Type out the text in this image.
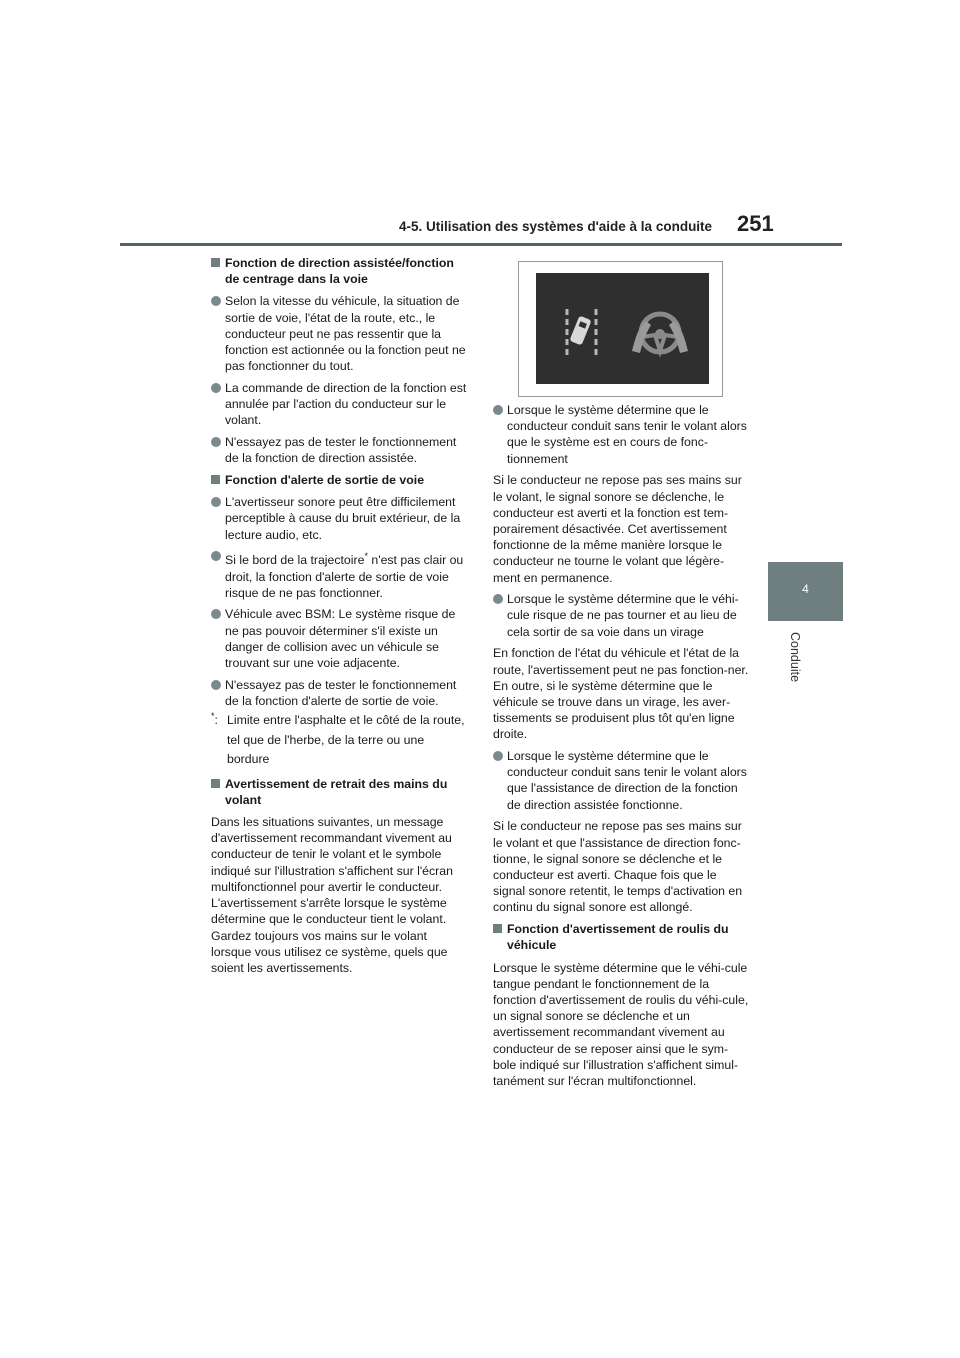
4-5. Utilisation des systèmes d'aide à la conduite 251
4
Conduite
Fonction de direction assistée/fonction de centrage dans la voie
Selon la vitesse du véhicule, la situation de sortie de voie, l'état de la route, etc., le conducteur peut ne pas ressentir que la fonction est actionnée ou la fonction peut ne pas fonctionner du tout.
La commande de direction de la fonction est annulée par l'action du conducteur sur le volant.
N'essayez pas de tester le fonctionnement de la fonction de direction assistée.
Fonction d'alerte de sortie de voie
L'avertisseur sonore peut être difficilement perceptible à cause du bruit extérieur, de la lecture audio, etc.
Si le bord de la trajectoire* n'est pas clair ou droit, la fonction d'alerte de sortie de voie risque de ne pas fonctionner.
Véhicule avec BSM: Le système risque de ne pas pouvoir déterminer s'il existe un danger de collision avec un véhicule se trouvant sur une voie adjacente.
N'essayez pas de tester le fonctionnement de la fonction d'alerte de sortie de voie.
*: Limite entre l'asphalte et le côté de la route, tel que de l'herbe, de la terre ou une bordure
Avertissement de retrait des mains du volant
Dans les situations suivantes, un message d'avertissement recommandant vivement au conducteur de tenir le volant et le symbole indiqué sur l'illustration s'affichent sur l'écran multifonctionnel pour avertir le conducteur. L'avertissement s'arrête lorsque le système détermine que le conducteur tient le volant. Gardez toujours vos mains sur le volant lorsque vous utilisez ce système, quels que soient les avertissements.
Lorsque le système détermine que le conducteur conduit sans tenir le volant alors que le système est en cours de fonc-tionnement
Si le conducteur ne repose pas ses mains sur le volant, le signal sonore se déclenche, le conducteur est averti et la fonction est tem-porairement désactivée. Cet avertissement fonctionne de la même manière lorsque le conducteur ne tourne le volant que légère-ment en permanence.
Lorsque le système détermine que le véhi-cule risque de ne pas tourner et au lieu de cela sortir de sa voie dans un virage
En fonction de l'état du véhicule et l'état de la route, l'avertissement peut ne pas fonction-ner. En outre, si le système détermine que le véhicule se trouve dans un virage, les aver-tissements se produisent plus tôt qu'en ligne droite.
Lorsque le système détermine que le conducteur conduit sans tenir le volant alors que l'assistance de direction de la fonction de direction assistée fonctionne.
Si le conducteur ne repose pas ses mains sur le volant et que l'assistance de direction fonc-tionne, le signal sonore se déclenche et le conducteur est averti. Chaque fois que le signal sonore retentit, le temps d'activation en continu du signal sonore est allongé.
Fonction d'avertissement de roulis du véhicule
Lorsque le système détermine que le véhi-cule tangue pendant le fonctionnement de la fonction d'avertissement de roulis du véhi-cule, un signal sonore se déclenche et un avertissement recommandant vivement au conducteur de se reposer ainsi que le sym-bole indiqué sur l'illustration s'affichent simul-tanément sur l'écran multifonctionnel.
